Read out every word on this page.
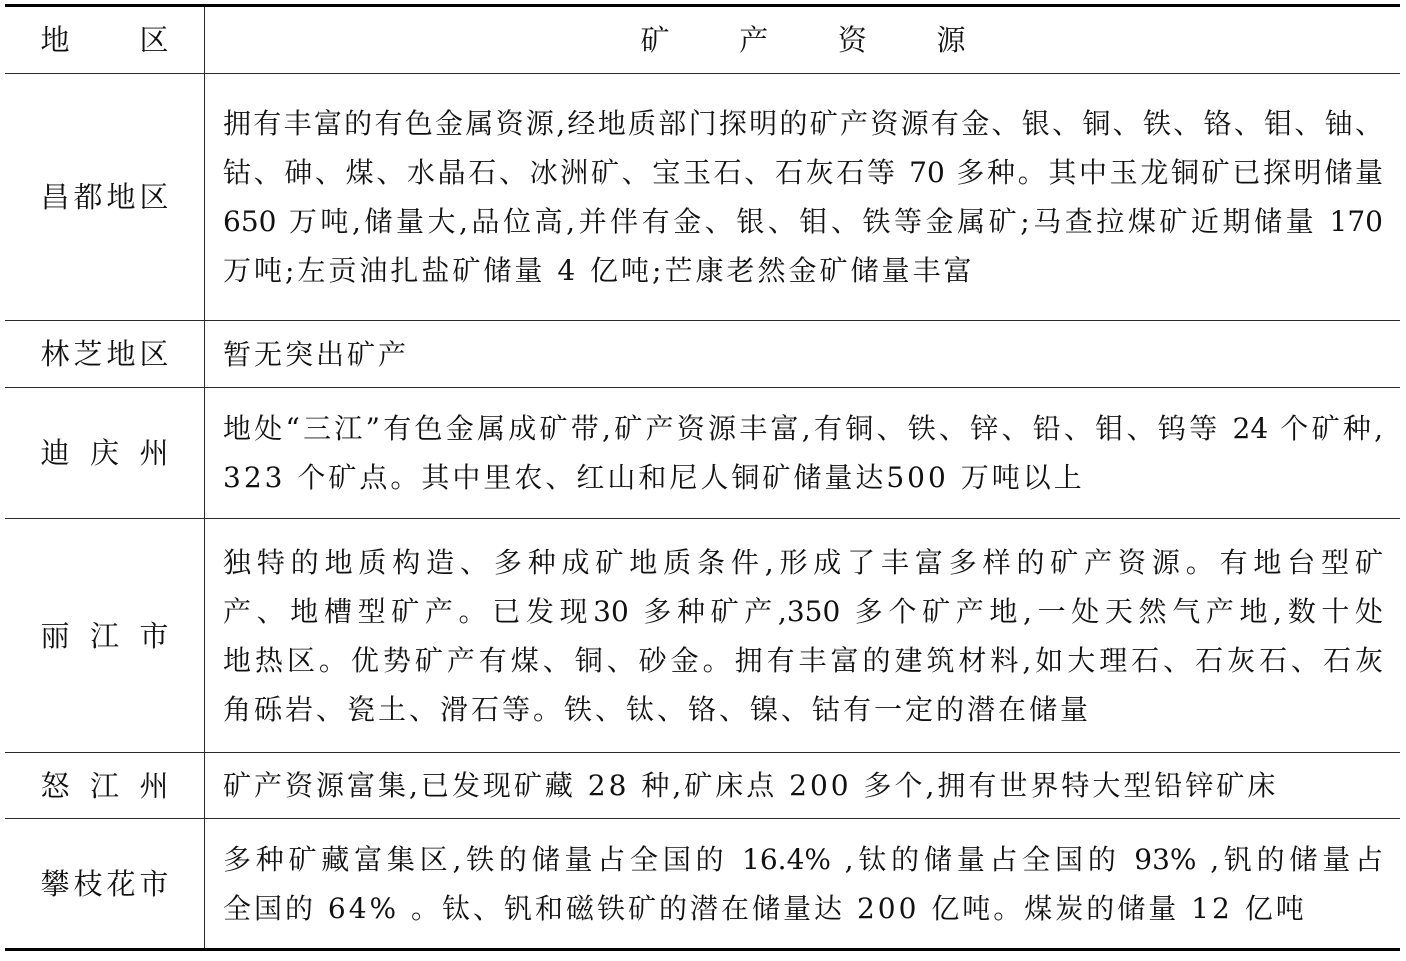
地区	矿产资源
昌都地区
拥有丰富的有色金属资源,经地质部门探明的矿产资源有金、银、铜、铁、铬、钼、铀、
钴、砷、煤、水晶石、冰洲矿、宝玉石、石灰石等 70 多种。其中玉龙铜矿已探明储量
650 万吨,储量大,品位高,并伴有金、银、钼、铁等金属矿;马查拉煤矿近期储量 170
万吨;左贡油扎盐矿储量 4 亿吨;芒康老然金矿储量丰富
林芝地区 暂无突出矿产
迪庆州
地处“三江”有色金属成矿带,矿产资源丰富,有铜、铁、锌、铅、钼、钨等 24 个矿种,
323 个矿点。其中里农、红山和尼人铜矿储量达500 万吨以上
丽江市
独特的地质构造、多种成矿地质条件,形成了丰富多样的矿产资源。有地台型矿
产、地槽型矿产。已发现30 多种矿产,350 多个矿产地,一处天然气产地,数十处
地热区。优势矿产有煤、铜、砂金。拥有丰富的建筑材料,如大理石、石灰石、石灰
角砾岩、瓷土、滑石等。铁、钛、铬、镍、钴有一定的潜在储量
怒江州 矿产资源富集,已发现矿藏 28 种,矿床点 200 多个,拥有世界特大型铅锌矿床
攀枝花市
多种矿藏富集区,铁的储量占全国的 16.4% ,钛的储量占全国的 93% ,钒的储量占
全国的 64% 。钛、钒和磁铁矿的潜在储量达 200 亿吨。煤炭的储量 12 亿吨
